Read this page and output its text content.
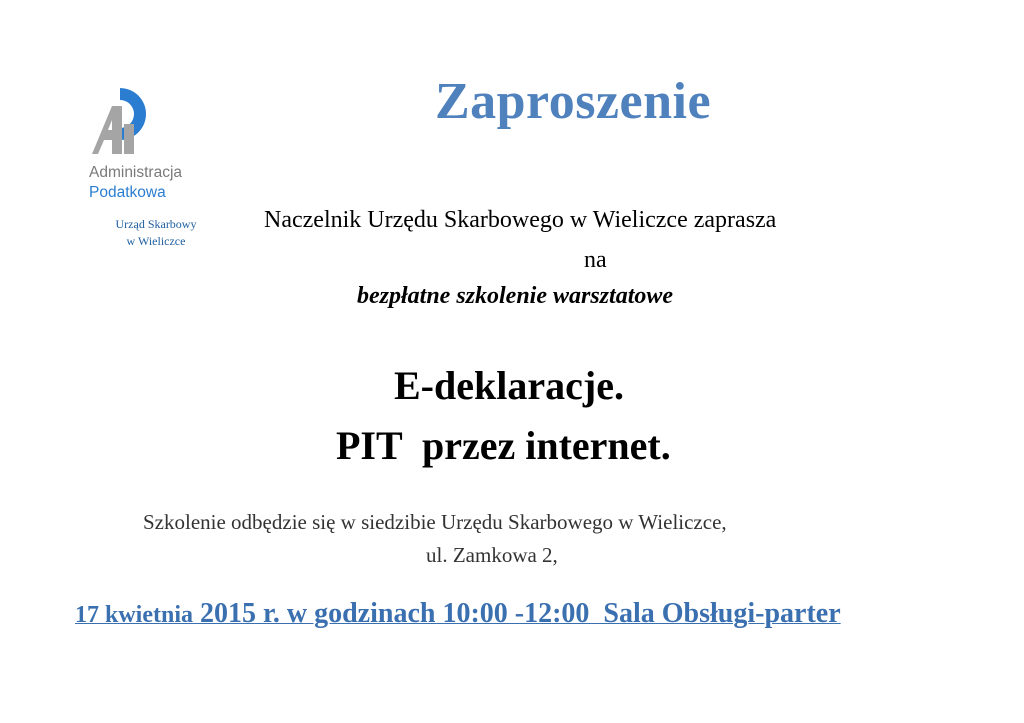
Administracja
Podatkowa
Urząd Skarbowy
w Wieliczce
Zaproszenie
Naczelnik Urzędu Skarbowego w Wieliczce zaprasza
na
bezpłatne szkolenie warsztatowe
E-deklaracje.
PIT  przez internet.
Szkolenie odbędzie się w siedzibie Urzędu Skarbowego w Wieliczce,
ul. Zamkowa 2,
17 kwietnia 2015 r. w godzinach 10:00 -12:00  Sala Obsługi-parter
